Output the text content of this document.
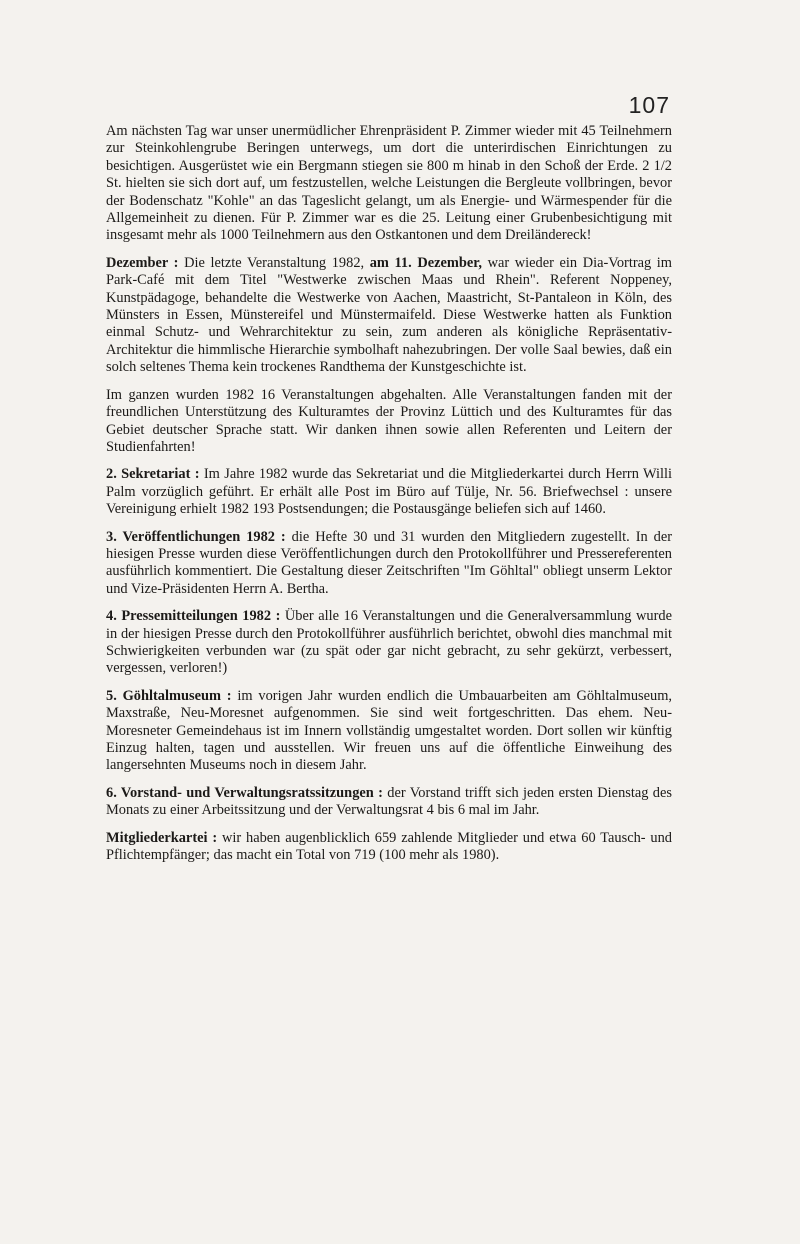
107

Am nächsten Tag war unser unermüdlicher Ehrenpräsident P. Zimmer wieder mit 45 Teilnehmern zur Steinkohlengrube Beringen unterwegs, um dort die unterirdischen Einrichtungen zu besichtigen. Ausgerüstet wie ein Bergmann stiegen sie 800 m hinab in den Schoß der Erde. 2 1/2 St. hielten sie sich dort auf, um festzustellen, welche Leistungen die Bergleute vollbringen, bevor der Bodenschatz "Kohle" an das Tageslicht gelangt, um als Energie- und Wärmespender für die Allgemeinheit zu dienen. Für P. Zimmer war es die 25. Leitung einer Grubenbesichtigung mit insgesamt mehr als 1000 Teilnehmern aus den Ostkantonen und dem Dreiländereck!

Dezember : Die letzte Veranstaltung 1982, am 11. Dezember, war wieder ein Dia-Vortrag im Park-Café mit dem Titel "Westwerke zwischen Maas und Rhein". Referent Noppeney, Kunstpädagoge, behandelte die Westwerke von Aachen, Maastricht, St-Pantaleon in Köln, des Münsters in Essen, Münstereifel und Münstermaifeld. Diese Westwerke hatten als Funktion einmal Schutz- und Wehrarchitektur zu sein, zum anderen als königliche Repräsentativ-Architektur die himmlische Hierarchie symbolhaft nahezubringen. Der volle Saal bewies, daß ein solch seltenes Thema kein trockenes Randthema der Kunstgeschichte ist.

Im ganzen wurden 1982 16 Veranstaltungen abgehalten. Alle Veranstaltungen fanden mit der freundlichen Unterstützung des Kulturamtes der Provinz Lüttich und des Kulturamtes für das Gebiet deutscher Sprache statt. Wir danken ihnen sowie allen Referenten und Leitern der Studienfahrten!

2. Sekretariat : Im Jahre 1982 wurde das Sekretariat und die Mitgliederkartei durch Herrn Willi Palm vorzüglich geführt. Er erhält alle Post im Büro auf Tülje, Nr. 56. Briefwechsel : unsere Vereinigung erhielt 1982 193 Postsendungen; die Postausgänge beliefen sich auf 1460.

3. Veröffentlichungen 1982 : die Hefte 30 und 31 wurden den Mitgliedern zugestellt. In der hiesigen Presse wurden diese Veröffentlichungen durch den Protokollführer und Pressereferenten ausführlich kommentiert. Die Gestaltung dieser Zeitschriften "Im Göhltal" obliegt unserm Lektor und Vize-Präsidenten Herrn A. Bertha.

4. Pressemitteilungen 1982 : Über alle 16 Veranstaltungen und die Generalversammlung wurde in der hiesigen Presse durch den Protokollführer ausführlich berichtet, obwohl dies manchmal mit Schwierigkeiten verbunden war (zu spät oder gar nicht gebracht, zu sehr gekürzt, verbessert, vergessen, verloren!)

5. Göhltalmuseum : im vorigen Jahr wurden endlich die Umbauarbeiten am Göhltalmuseum, Maxstraße, Neu-Moresnet aufgenommen. Sie sind weit fortgeschritten. Das ehem. Neu-Moresneter Gemeindehaus ist im Innern vollständig umgestaltet worden. Dort sollen wir künftig Einzug halten, tagen und ausstellen. Wir freuen uns auf die öffentliche Einweihung des langersehnten Museums noch in diesem Jahr.

6. Vorstand- und Verwaltungsratssitzungen : der Vorstand trifft sich jeden ersten Dienstag des Monats zu einer Arbeitssitzung und der Verwaltungsrat 4 bis 6 mal im Jahr.

Mitgliederkartei : wir haben augenblicklich 659 zahlende Mitglieder und etwa 60 Tausch- und Pflichtempfänger; das macht ein Total von 719 (100 mehr als 1980).
